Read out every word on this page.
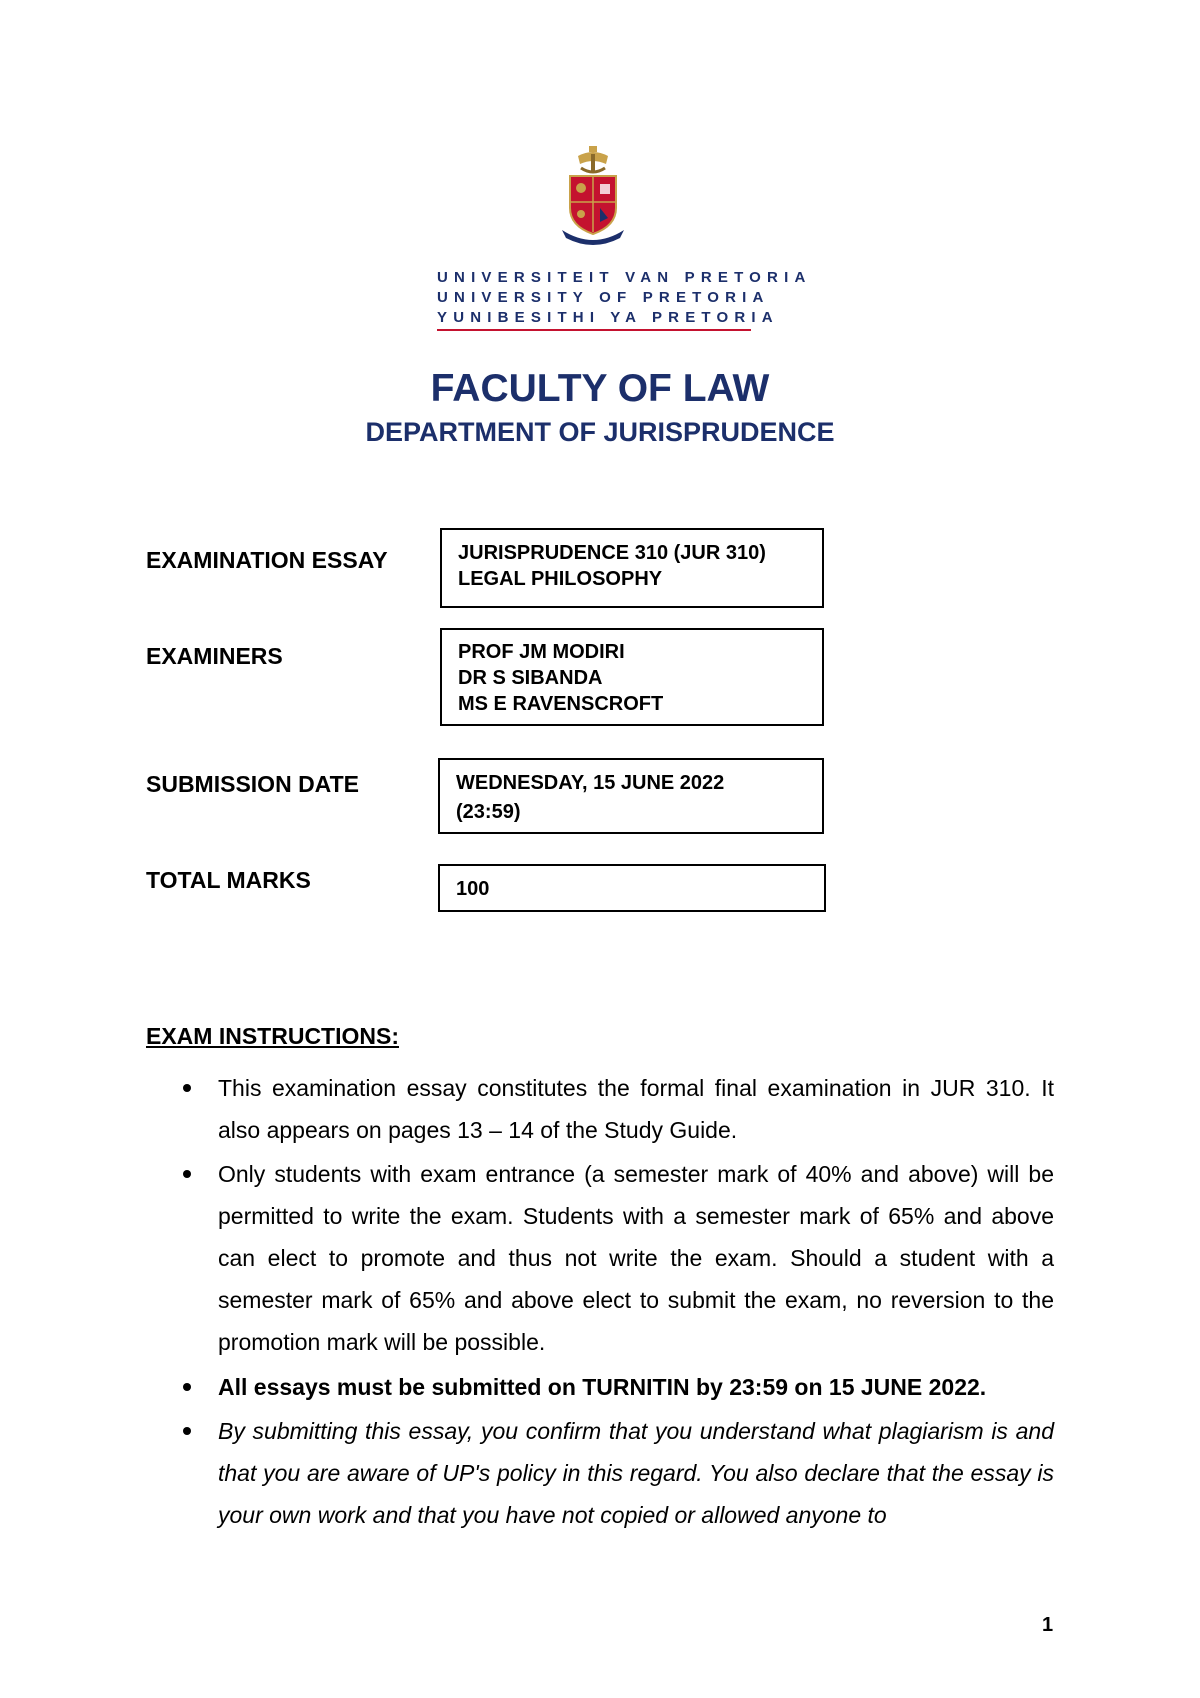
UNIVERSITEIT VAN PRETORIA
UNIVERSITY OF PRETORIA
YUNIBESITHI YA PRETORIA
FACULTY OF LAW
DEPARTMENT OF JURISPRUDENCE
EXAMINATION ESSAY	JURISPRUDENCE 310 (JUR 310)
LEGAL PHILOSOPHY
EXAMINERS	PROF JM MODIRI
DR S SIBANDA
MS E RAVENSCROFT
SUBMISSION DATE	WEDNESDAY, 15 JUNE 2022
(23:59)
TOTAL MARKS	100
EXAM INSTRUCTIONS:
This examination essay constitutes the formal final examination in JUR 310. It also appears on pages 13 – 14 of the Study Guide.
Only students with exam entrance (a semester mark of 40% and above) will be permitted to write the exam. Students with a semester mark of 65% and above can elect to promote and thus not write the exam. Should a student with a semester mark of 65% and above elect to submit the exam, no reversion to the promotion mark will be possible.
All essays must be submitted on TURNITIN by 23:59 on 15 JUNE 2022.
By submitting this essay, you confirm that you understand what plagiarism is and that you are aware of UP's policy in this regard. You also declare that the essay is your own work and that you have not copied or allowed anyone to
1
